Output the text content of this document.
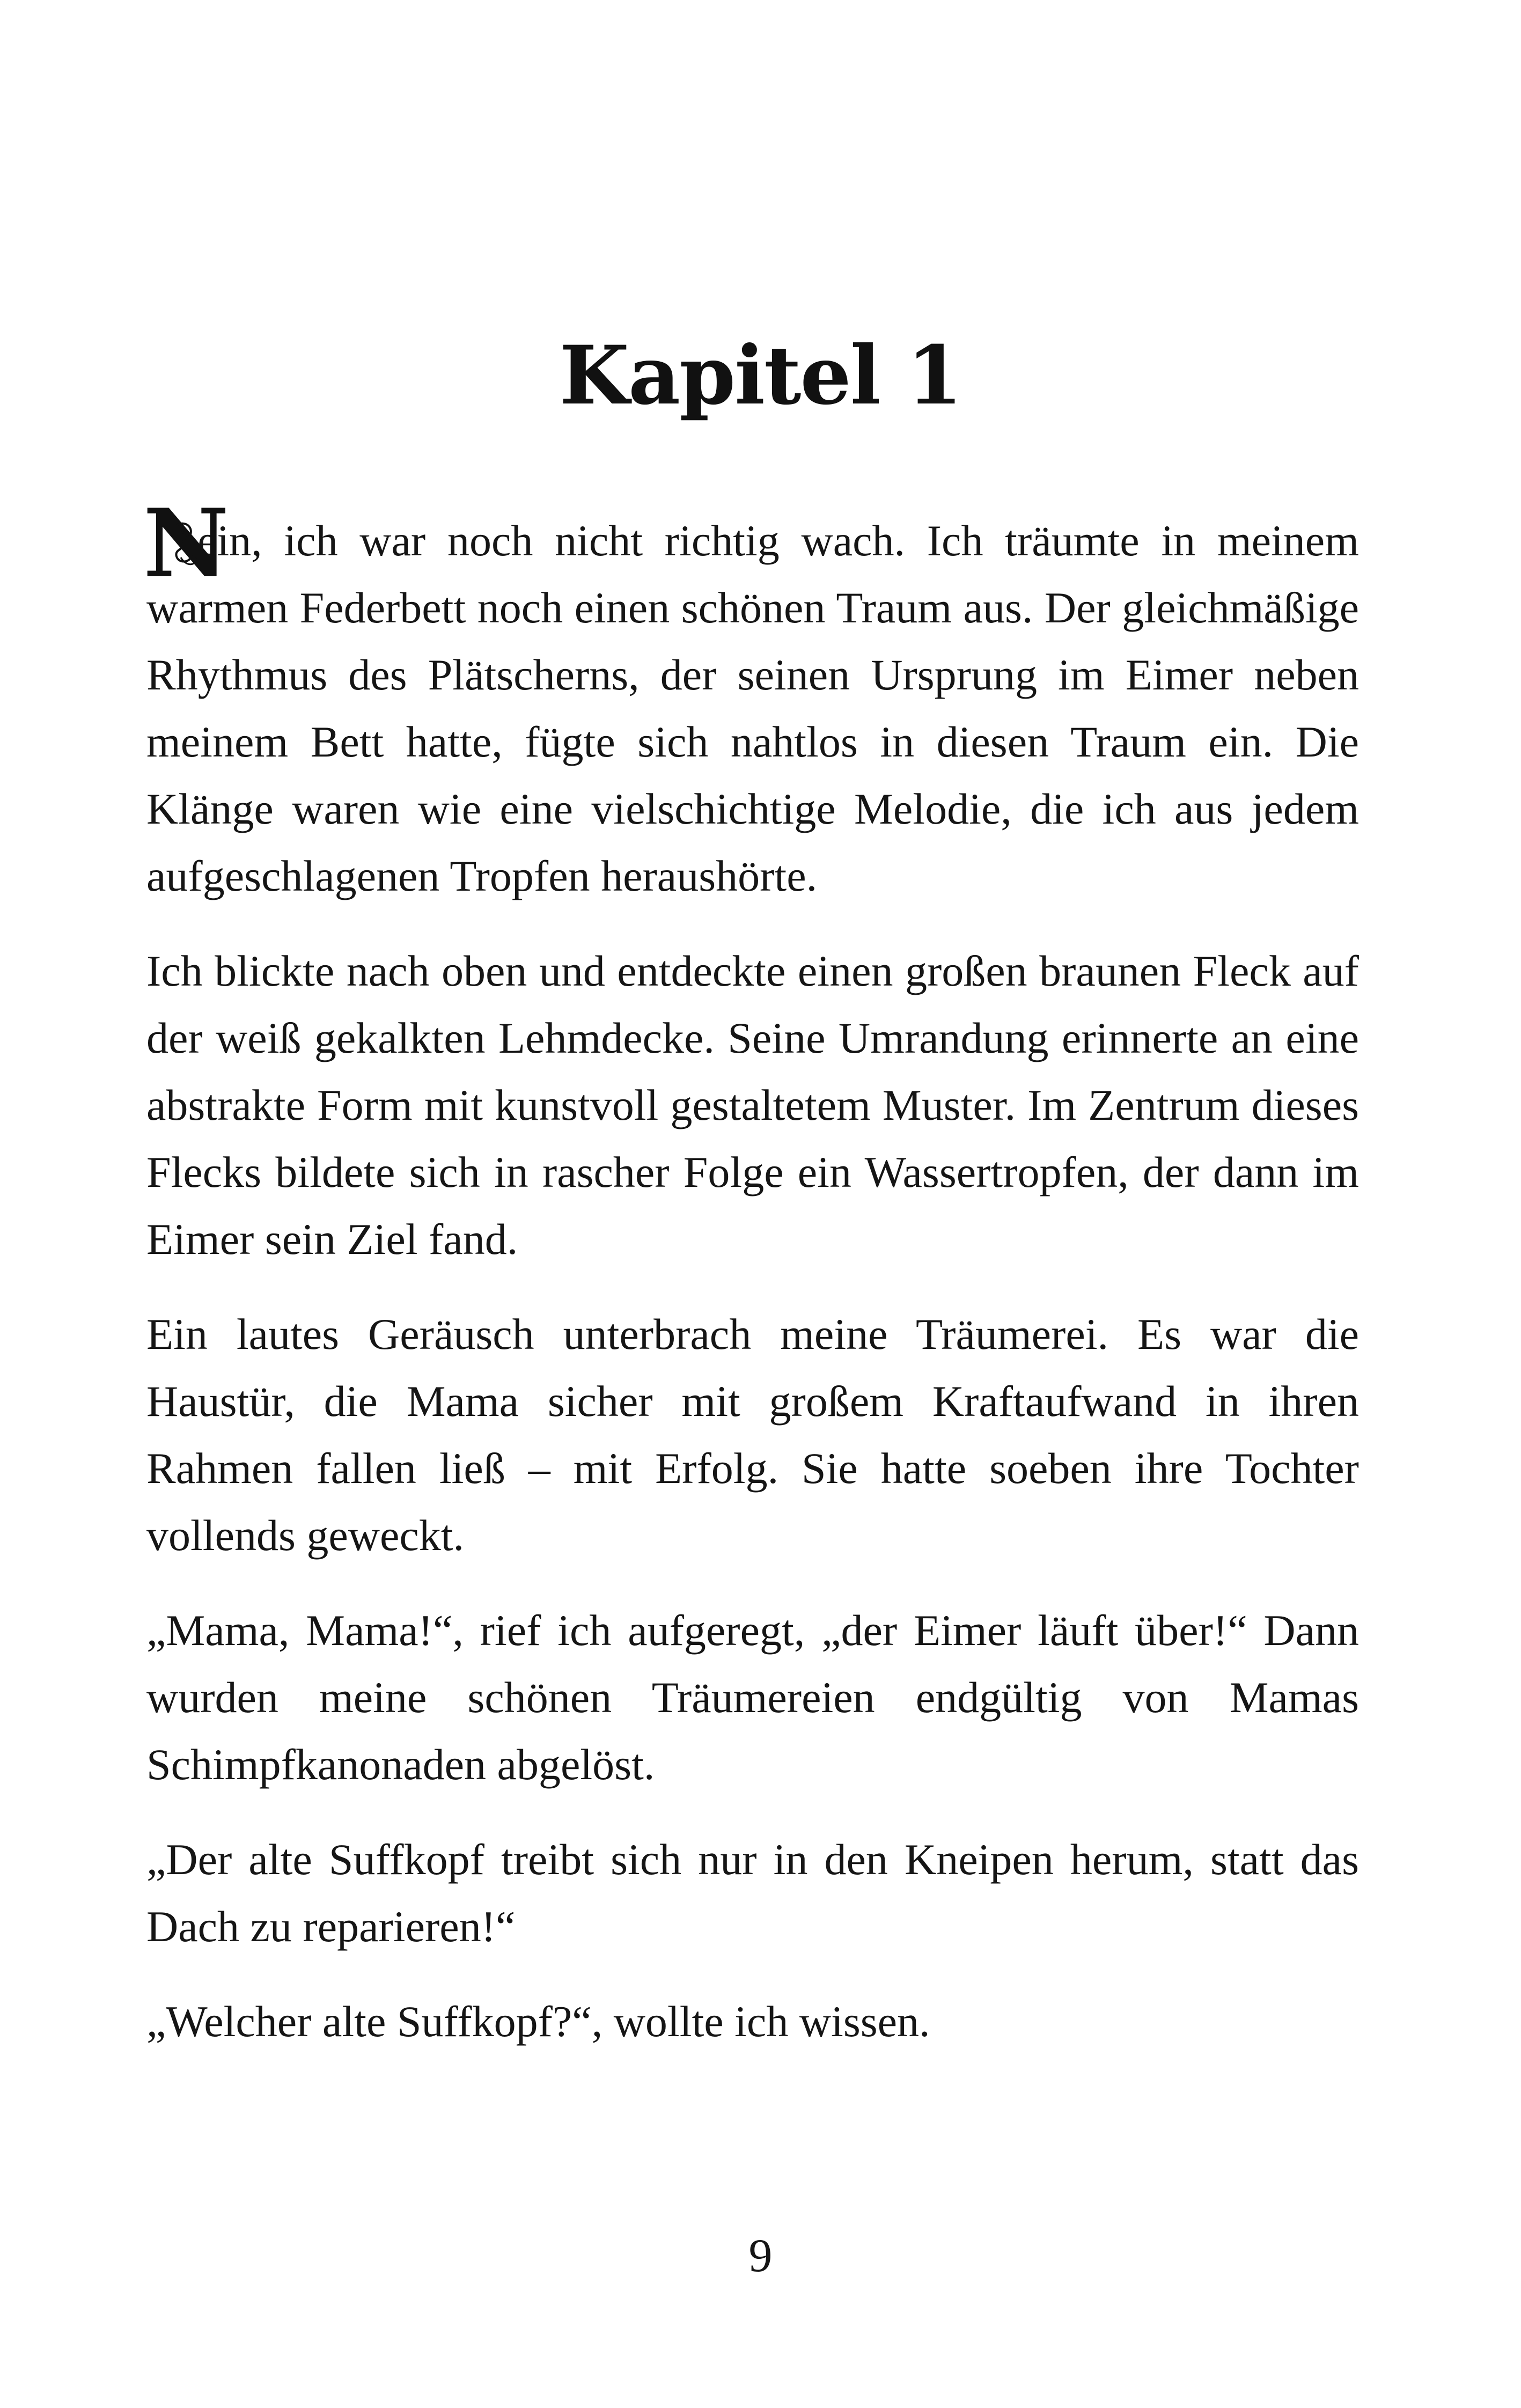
Kapitel 1

N
ein, ich war noch nicht richtig wach. Ich träumte in meinem warmen Federbett noch einen schönen Traum aus. Der gleichmäßige Rhythmus des Plätscherns, der seinen Ursprung im Eimer neben meinem Bett hatte, fügte sich nahtlos in diesen Traum ein. Die Klänge waren wie eine vielschichtige Melodie, die ich aus jedem aufgeschlagenen Tropfen heraushörte.

Ich blickte nach oben und entdeckte einen großen braunen Fleck auf der weiß gekalkten Lehmdecke. Seine Umrandung erinnerte an eine abstrakte Form mit kunstvoll gestaltetem Muster. Im Zentrum dieses Flecks bildete sich in rascher Folge ein Wassertropfen, der dann im Eimer sein Ziel fand.

Ein lautes Geräusch unterbrach meine Träumerei. Es war die Haustür, die Mama sicher mit großem Kraftaufwand in ihren Rahmen fallen ließ – mit Erfolg. Sie hatte soeben ihre Tochter vollends geweckt.

„Mama, Mama!“, rief ich aufgeregt, „der Eimer läuft über!“ Dann wurden meine schönen Träumereien endgültig von Mamas Schimpfkanonaden abgelöst.

„Der alte Suffkopf treibt sich nur in den Kneipen herum, statt das Dach zu reparieren!“

„Welcher alte Suffkopf?“, wollte ich wissen.

9
